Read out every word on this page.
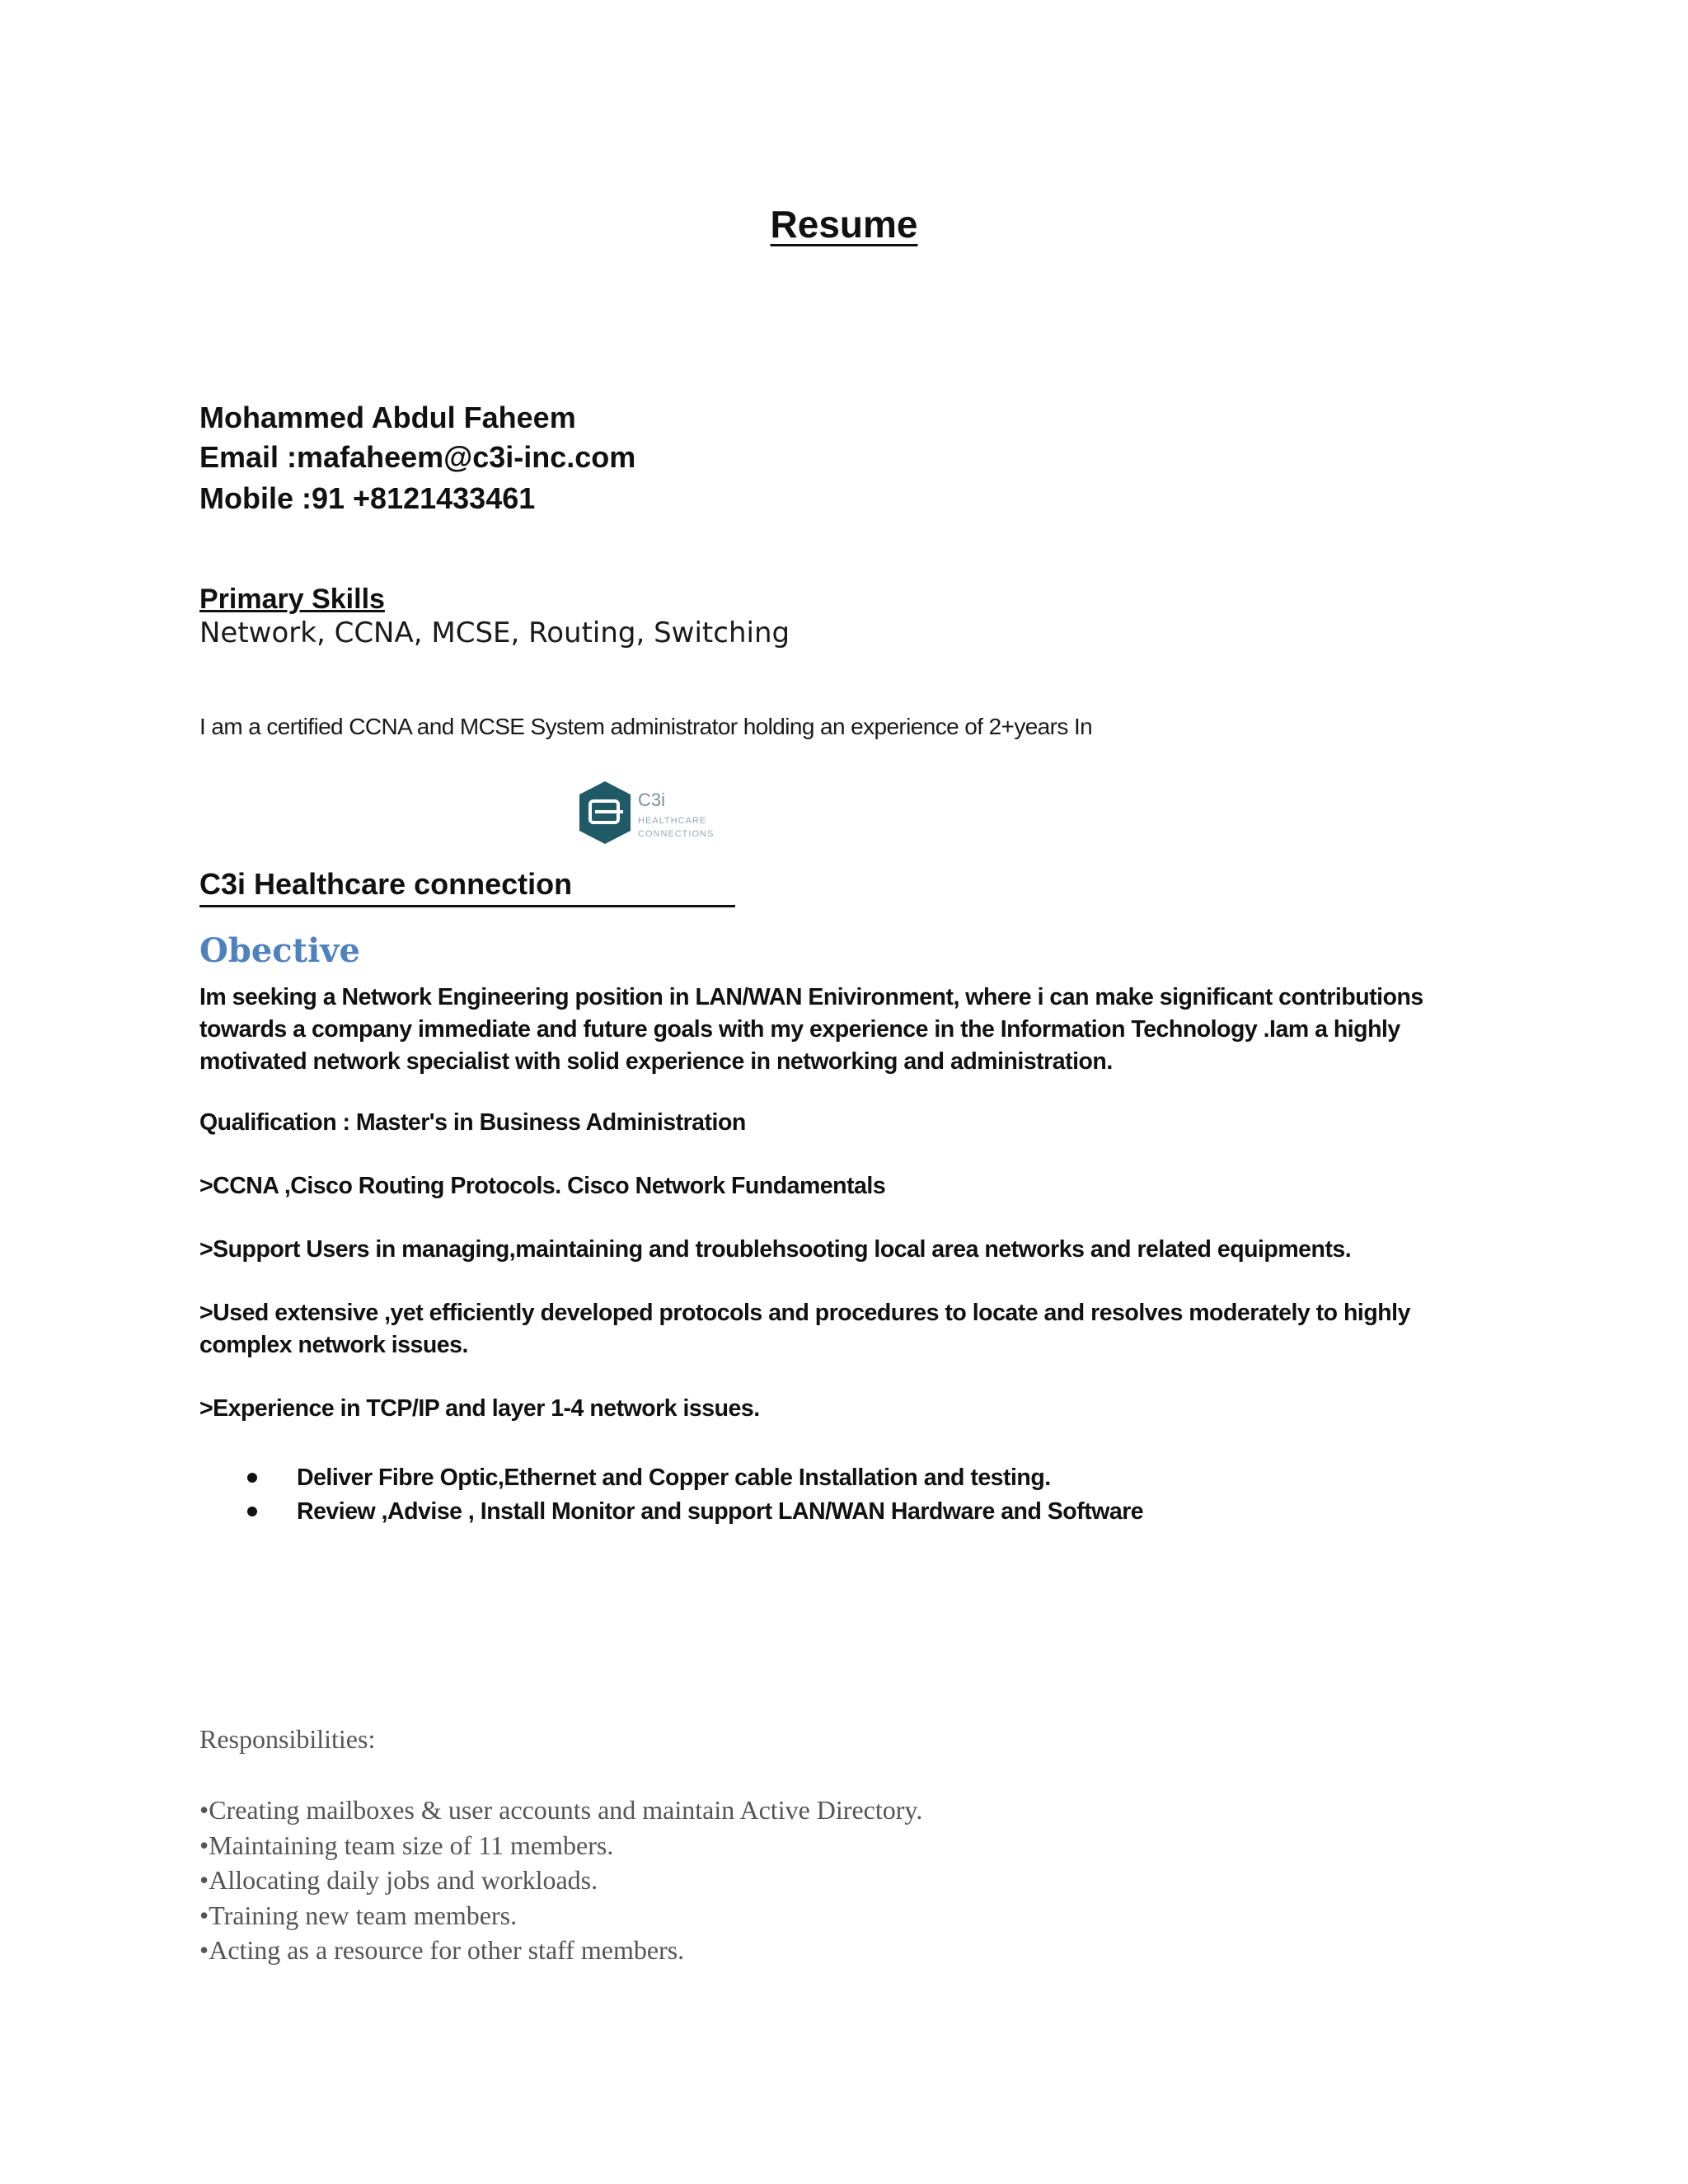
Resume
Mohammed Abdul Faheem
Email :mafaheem@c3i-inc.com
Mobile :91 +8121433461
Primary Skills
Network, CCNA, MCSE, Routing, Switching
I am a certified CCNA and MCSE System administrator holding an experience of 2+years In
C3i
HEALTHCARE
CONNECTIONS
C3i Healthcare connection
Obective
Im seeking a Network Engineering position in LAN/WAN Enivironment, where i can make significant contributions towards a company immediate and future goals with my experience in the Information Technology .Iam a highly motivated network specialist with solid experience in networking and administration.
Qualification : Master's in Business Administration
>CCNA ,Cisco Routing Protocols. Cisco Network Fundamentals
>Support Users in managing,maintaining and troublehsooting local area networks and related equipments.
>Used extensive ,yet efficiently developed protocols and procedures to locate and resolves moderately to highly complex network issues.
>Experience in TCP/IP and layer 1-4 network issues.
Deliver Fibre Optic,Ethernet and Copper cable Installation and testing.
Review ,Advise , Install Monitor and support LAN/WAN Hardware and Software
Responsibilities:
•Creating mailboxes & user accounts and maintain Active Directory.
•Maintaining team size of 11 members.
•Allocating daily jobs and workloads.
•Training new team members.
•Acting as a resource for other staff members.
